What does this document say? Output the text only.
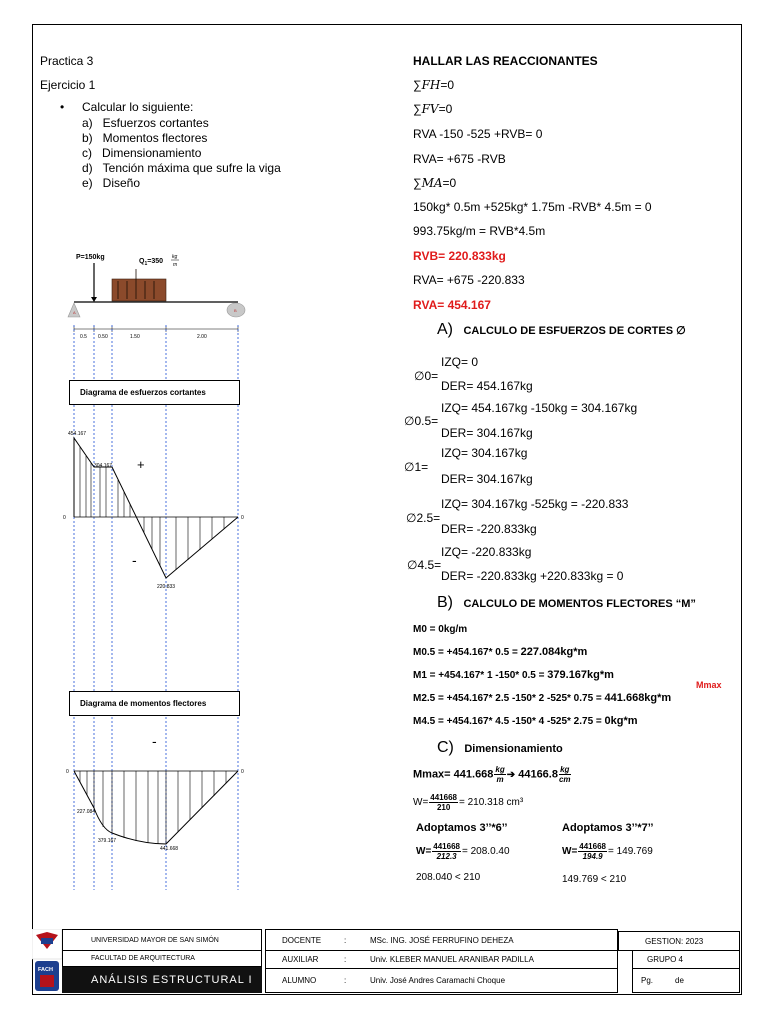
Practica 3
Ejercicio 1
• Calcular lo siguiente:
a)   Esfuerzos cortantes
b)   Momentos flectores
c)   Dimensionamiento
d)   Tención máxima que sufre la viga
e)   Diseño
P=150kg
$Q_1=350$
kg
m
A	B
0.5 0.50	1.50	2.00
Diagrama de esfuerzos cortantes
454.167
304.167
220.833
0	0
+
-
Diagrama de momentos flectores
-
227.084
379.167
441.668
0	0
HALLAR LAS REACCIONANTES
∑FH=0
∑FV=0
RVA -150 -525 +RVB= 0
RVA= +675 -RVB
∑MA=0
150kg* 0.5m +525kg* 1.75m -RVB* 4.5m = 0
993.75kg/m = RVB*4.5m
RVB= 220.833kg
RVA= +675 -220.833
RVA= 454.167
A) CALCULO DE ESFUERZOS DE CORTES ∅
IZQ= 0
∅0=
DER= 454.167kg
IZQ= 454.167kg -150kg = 304.167kg
∅0.5=
DER= 304.167kg
IZQ= 304.167kg
∅1=
DER= 304.167kg
IZQ= 304.167kg -525kg = -220.833
∅2.5=
DER= -220.833kg
IZQ= -220.833kg
∅4.5=
DER= -220.833kg +220.833kg = 0
B) CALCULO DE MOMENTOS FLECTORES “M”
M0 = 0kg/m
M0.5 = +454.167* 0.5 = 227.084kg*m
M1 = +454.167* 1 -150* 0.5 = 379.167kg*m
Mmax
M2.5 = +454.167* 2.5 -150* 2 -525* 0.75 = 441.668kg*m
M4.5 = +454.167* 4.5 -150* 4 -525* 2.75 = 0kg*m
C) Dimensionamiento
$Mmax= 441.668 \frac{kg}{m}$ ➔ $44166.8 \frac{kg}{cm}$
$W= \frac{441668}{210} = 210.318$ cm³
Adoptamos 3’’*6’’	Adoptamos 3’’*7’’
$W= \frac{441668}{212.3} = 208.0.40$	$W= \frac{441668}{194.9} = 149.769$
208.040 < 210	149.769 < 210
FACH
UNIVERSIDAD MAYOR DE SAN SIMÓN
FACULTAD DE ARQUITECTURA
ANÁLISIS ESTRUCTURAL I
DOCENTE	:	MSc. ING. JOSÉ FERRUFINO DEHEZA
AUXILIAR	:	Univ. KLEBER MANUEL ARANIBAR PADILLA
ALUMNO	:	Univ. José Andres Caramachi Choque
GESTION: 2023
GRUPO 4
Pg.	de
